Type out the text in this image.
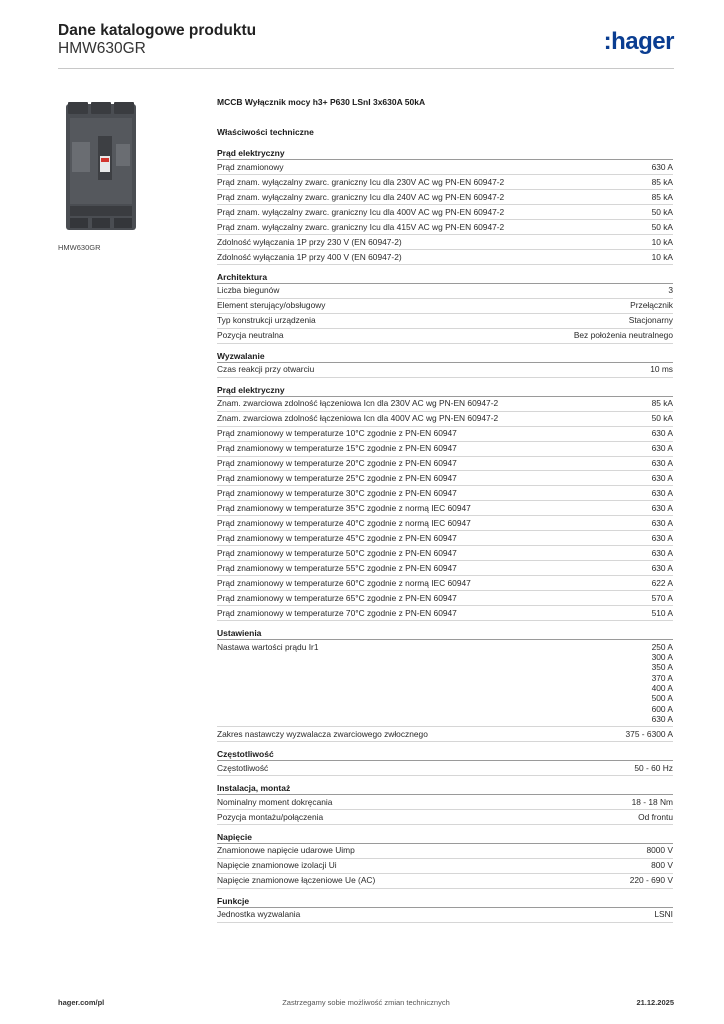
Dane katalogowe produktu
HMW630GR	:hager
HMW630GR
MCCB Wyłącznik mocy h3+ P630 LSnI 3x630A 50kA
Właściwości techniczne
Prąd elektryczny
Prąd znamionowy	630 A
Prąd znam. wyłączalny zwarc. graniczny Icu dla 230V AC wg PN-EN 60947-2	85 kA
Prąd znam. wyłączalny zwarc. graniczny Icu dla 240V AC wg PN-EN 60947-2	85 kA
Prąd znam. wyłączalny zwarc. graniczny Icu dla 400V AC wg PN-EN 60947-2	50 kA
Prąd znam. wyłączalny zwarc. graniczny Icu dla 415V AC wg PN-EN 60947-2	50 kA
Zdolność wyłączania 1P przy 230 V (EN 60947-2)	10 kA
Zdolność wyłączania 1P przy 400 V (EN 60947-2)	10 kA
Architektura
Liczba biegunów	3
Element sterujący/obsługowy	Przełącznik
Typ konstrukcji urządzenia	Stacjonarny
Pozycja neutralna	Bez położenia neutralnego
Wyzwalanie
Czas reakcji przy otwarciu	10 ms
Prąd elektryczny
Znam. zwarciowa zdolność łączeniowa Icn dla 230V AC wg PN-EN 60947-2	85 kA
Znam. zwarciowa zdolność łączeniowa Icn dla 400V AC wg PN-EN 60947-2	50 kA
Prąd znamionowy w temperaturze 10°C zgodnie z PN-EN 60947	630 A
Prąd znamionowy w temperaturze 15°C zgodnie z PN-EN 60947	630 A
Prąd znamionowy w temperaturze 20°C zgodnie z PN-EN 60947	630 A
Prąd znamionowy w temperaturze 25°C zgodnie z PN-EN 60947	630 A
Prąd znamionowy w temperaturze 30°C zgodnie z PN-EN 60947	630 A
Prąd znamionowy w temperaturze 35°C zgodnie z normą IEC 60947	630 A
Prąd znamionowy w temperaturze 40°C zgodnie z normą IEC 60947	630 A
Prąd znamionowy w temperaturze 45°C zgodnie z PN-EN 60947	630 A
Prąd znamionowy w temperaturze 50°C zgodnie z PN-EN 60947	630 A
Prąd znamionowy w temperaturze 55°C zgodnie z PN-EN 60947	630 A
Prąd znamionowy w temperaturze 60°C zgodnie z normą IEC 60947	622 A
Prąd znamionowy w temperaturze 65°C zgodnie z PN-EN 60947	570 A
Prąd znamionowy w temperaturze 70°C zgodnie z PN-EN 60947	510 A
Ustawienia
Nastawa wartości prądu Ir1	250 A
300 A
350 A
370 A
400 A
500 A
600 A
630 A
Zakres nastawczy wyzwalacza zwarciowego zwłocznego	375 - 6300 A
Częstotliwość
Częstotliwość	50 - 60 Hz
Instalacja, montaż
Nominalny moment dokręcania	18 - 18 Nm
Pozycja montażu/połączenia	Od frontu
Napięcie
Znamionowe napięcie udarowe Uimp	8000 V
Napięcie znamionowe izolacji Ui	800 V
Napięcie znamionowe łączeniowe Ue (AC)	220 - 690 V
Funkcje
Jednostka wyzwalania	LSNI
Zastrzegamy sobie możliwość zmian technicznych
hager.com/pl	21.12.2025
